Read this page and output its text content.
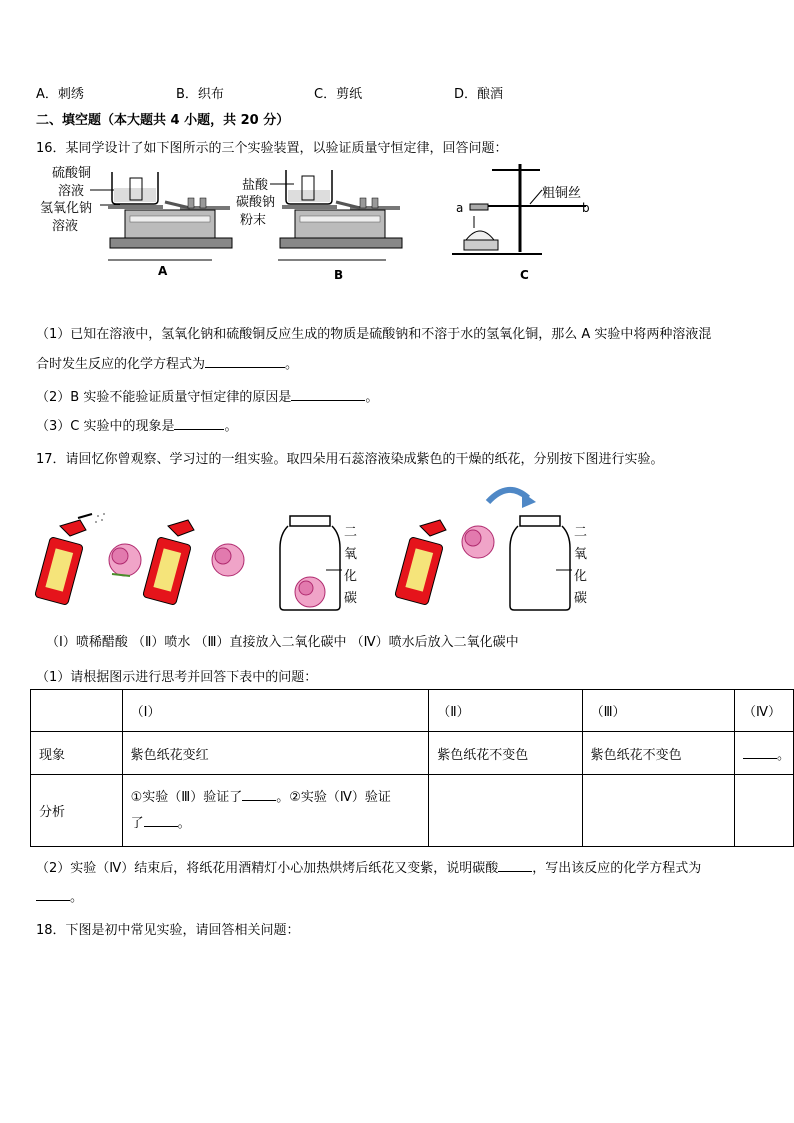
A．刺绣	B．织布	C．剪纸	D．酿酒
二、填空题（本大题共 4 小题，共 20 分）
16．某同学设计了如下图所示的三个实验装置，以验证质量守恒定律，回答问题：
硫酸铜
溶液
氢氧化钠
溶液
A
盐酸
碳酸钠
粉末
B
a	b
粗铜丝
C
（1）已知在溶液中，氢氧化钠和硫酸铜反应生成的物质是硫酸钠和不溶于水的氢氧化铜，那么 A 实验中将两种溶液混
合时发生反应的化学方程式为	。
（2）B 实验不能验证质量守恒定律的原因是	。
（3）C 实验中的现象是	。
17．请回忆你曾观察、学习过的一组实验。取四朵用石蕊溶液染成紫色的干燥的纸花，分别按下图进行实验。
二
氧
化
碳
二
氧
化
碳
（Ⅰ）喷稀醋酸 （Ⅱ）喷水 （Ⅲ）直接放入二氧化碳中 （Ⅳ）喷水后放入二氧化碳中
（1）请根据图示进行思考并回答下表中的问题：
	（Ⅰ）	（Ⅱ）	（Ⅲ）	（Ⅳ）
现象	紫色纸花变红	紫色纸花不变色	紫色纸花不变色	。
分析	①实验（Ⅲ）验证了 。②实验（Ⅳ）验证
了 。			

（2）实验（Ⅳ）结束后，将纸花用酒精灯小心加热烘烤后纸花又变紫，说明碳酸	，写出该反应的化学方程式为
。
18．下图是初中常见实验，请回答相关问题：
